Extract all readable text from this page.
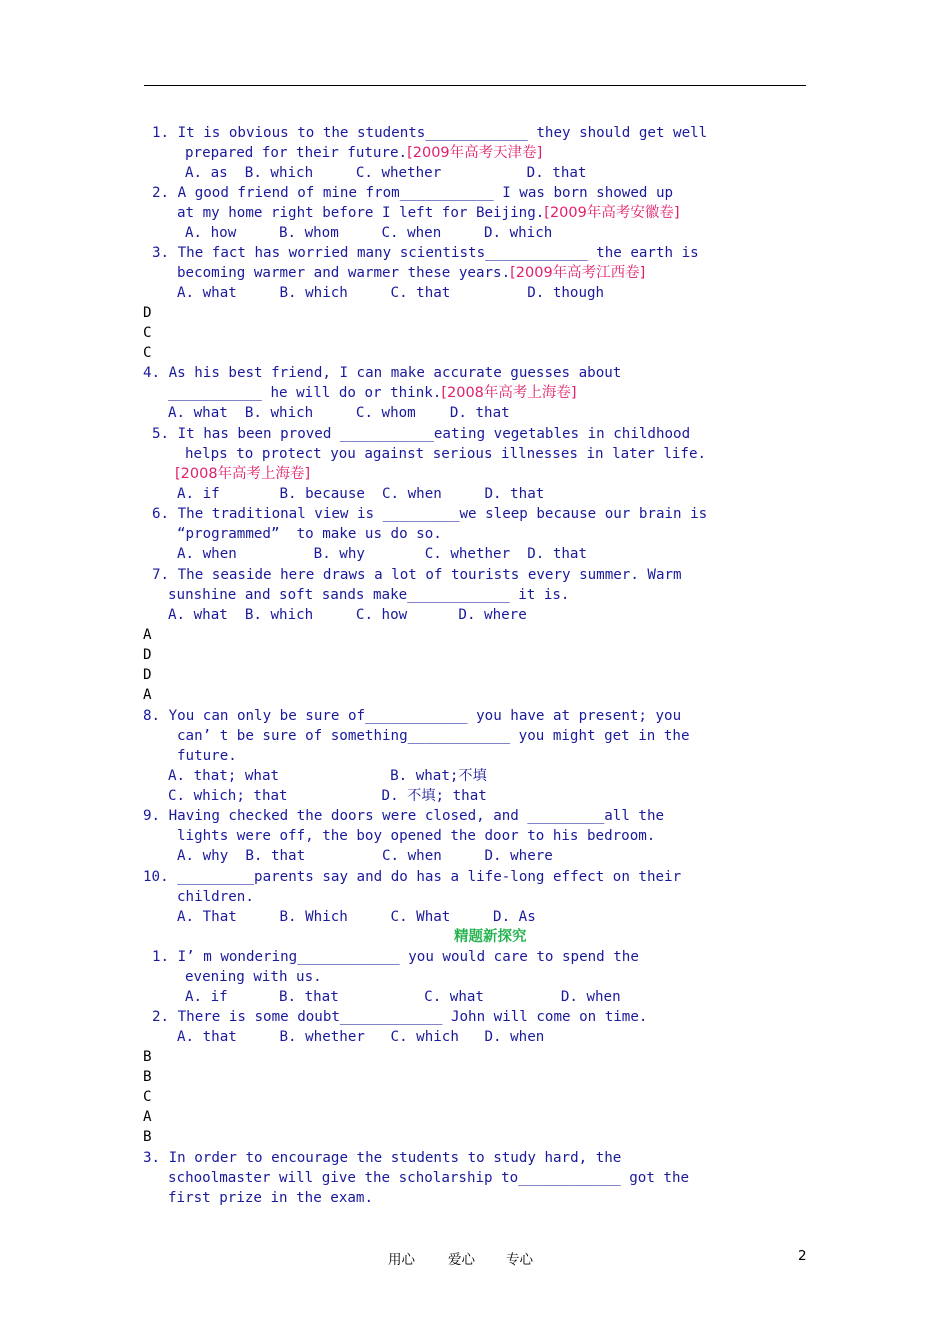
1. It is obvious to the students____________ they should get well
prepared for their future.[2009年高考天津卷]
A. as  B. which     C. whether          D. that
2. A good friend of mine from___________ I was born showed up
at my home right before I left for Beijing.[2009年高考安徽卷]
A. how     B. whom     C. when     D. which
3. The fact has worried many scientists____________ the earth is
becoming warmer and warmer these years.[2009年高考江西卷]
A. what     B. which     C. that         D. though
D
C
C
4. As his best friend, I can make accurate guesses about
___________ he will do or think.[2008年高考上海卷]
A. what  B. which     C. whom    D. that
5. It has been proved ___________eating vegetables in childhood
helps to protect you against serious illnesses in later life.
[2008年高考上海卷]
A. if       B. because  C. when     D. that
6. The traditional view is _________we sleep because our brain is
“programmed”  to make us do so.
A. when         B. why       C. whether  D. that
7. The seaside here draws a lot of tourists every summer. Warm
sunshine and soft sands make____________ it is.
A. what  B. which     C. how      D. where
A
D
D
A
8. You can only be sure of____________ you have at present; you
can’ t be sure of something____________ you might get in the
future.
A. that; what             B. what;不填
C. which; that           D. 不填; that
9. Having checked the doors were closed, and _________all the
lights were off, the boy opened the door to his bedroom.
A. why  B. that         C. when     D. where
10. _________parents say and do has a life-long effect on their
children.
A. That     B. Which     C. What     D. As
精题新探究
1. I’ m wondering____________ you would care to spend the
evening with us.
A. if      B. that          C. what         D. when
2. There is some doubt____________ John will come on time.
A. that     B. whether   C. which   D. when
B
B
C
A
B
3. In order to encourage the students to study hard, the
schoolmaster will give the scholarship to____________ got the
first prize in the exam.
用心 爱心 专心	2
